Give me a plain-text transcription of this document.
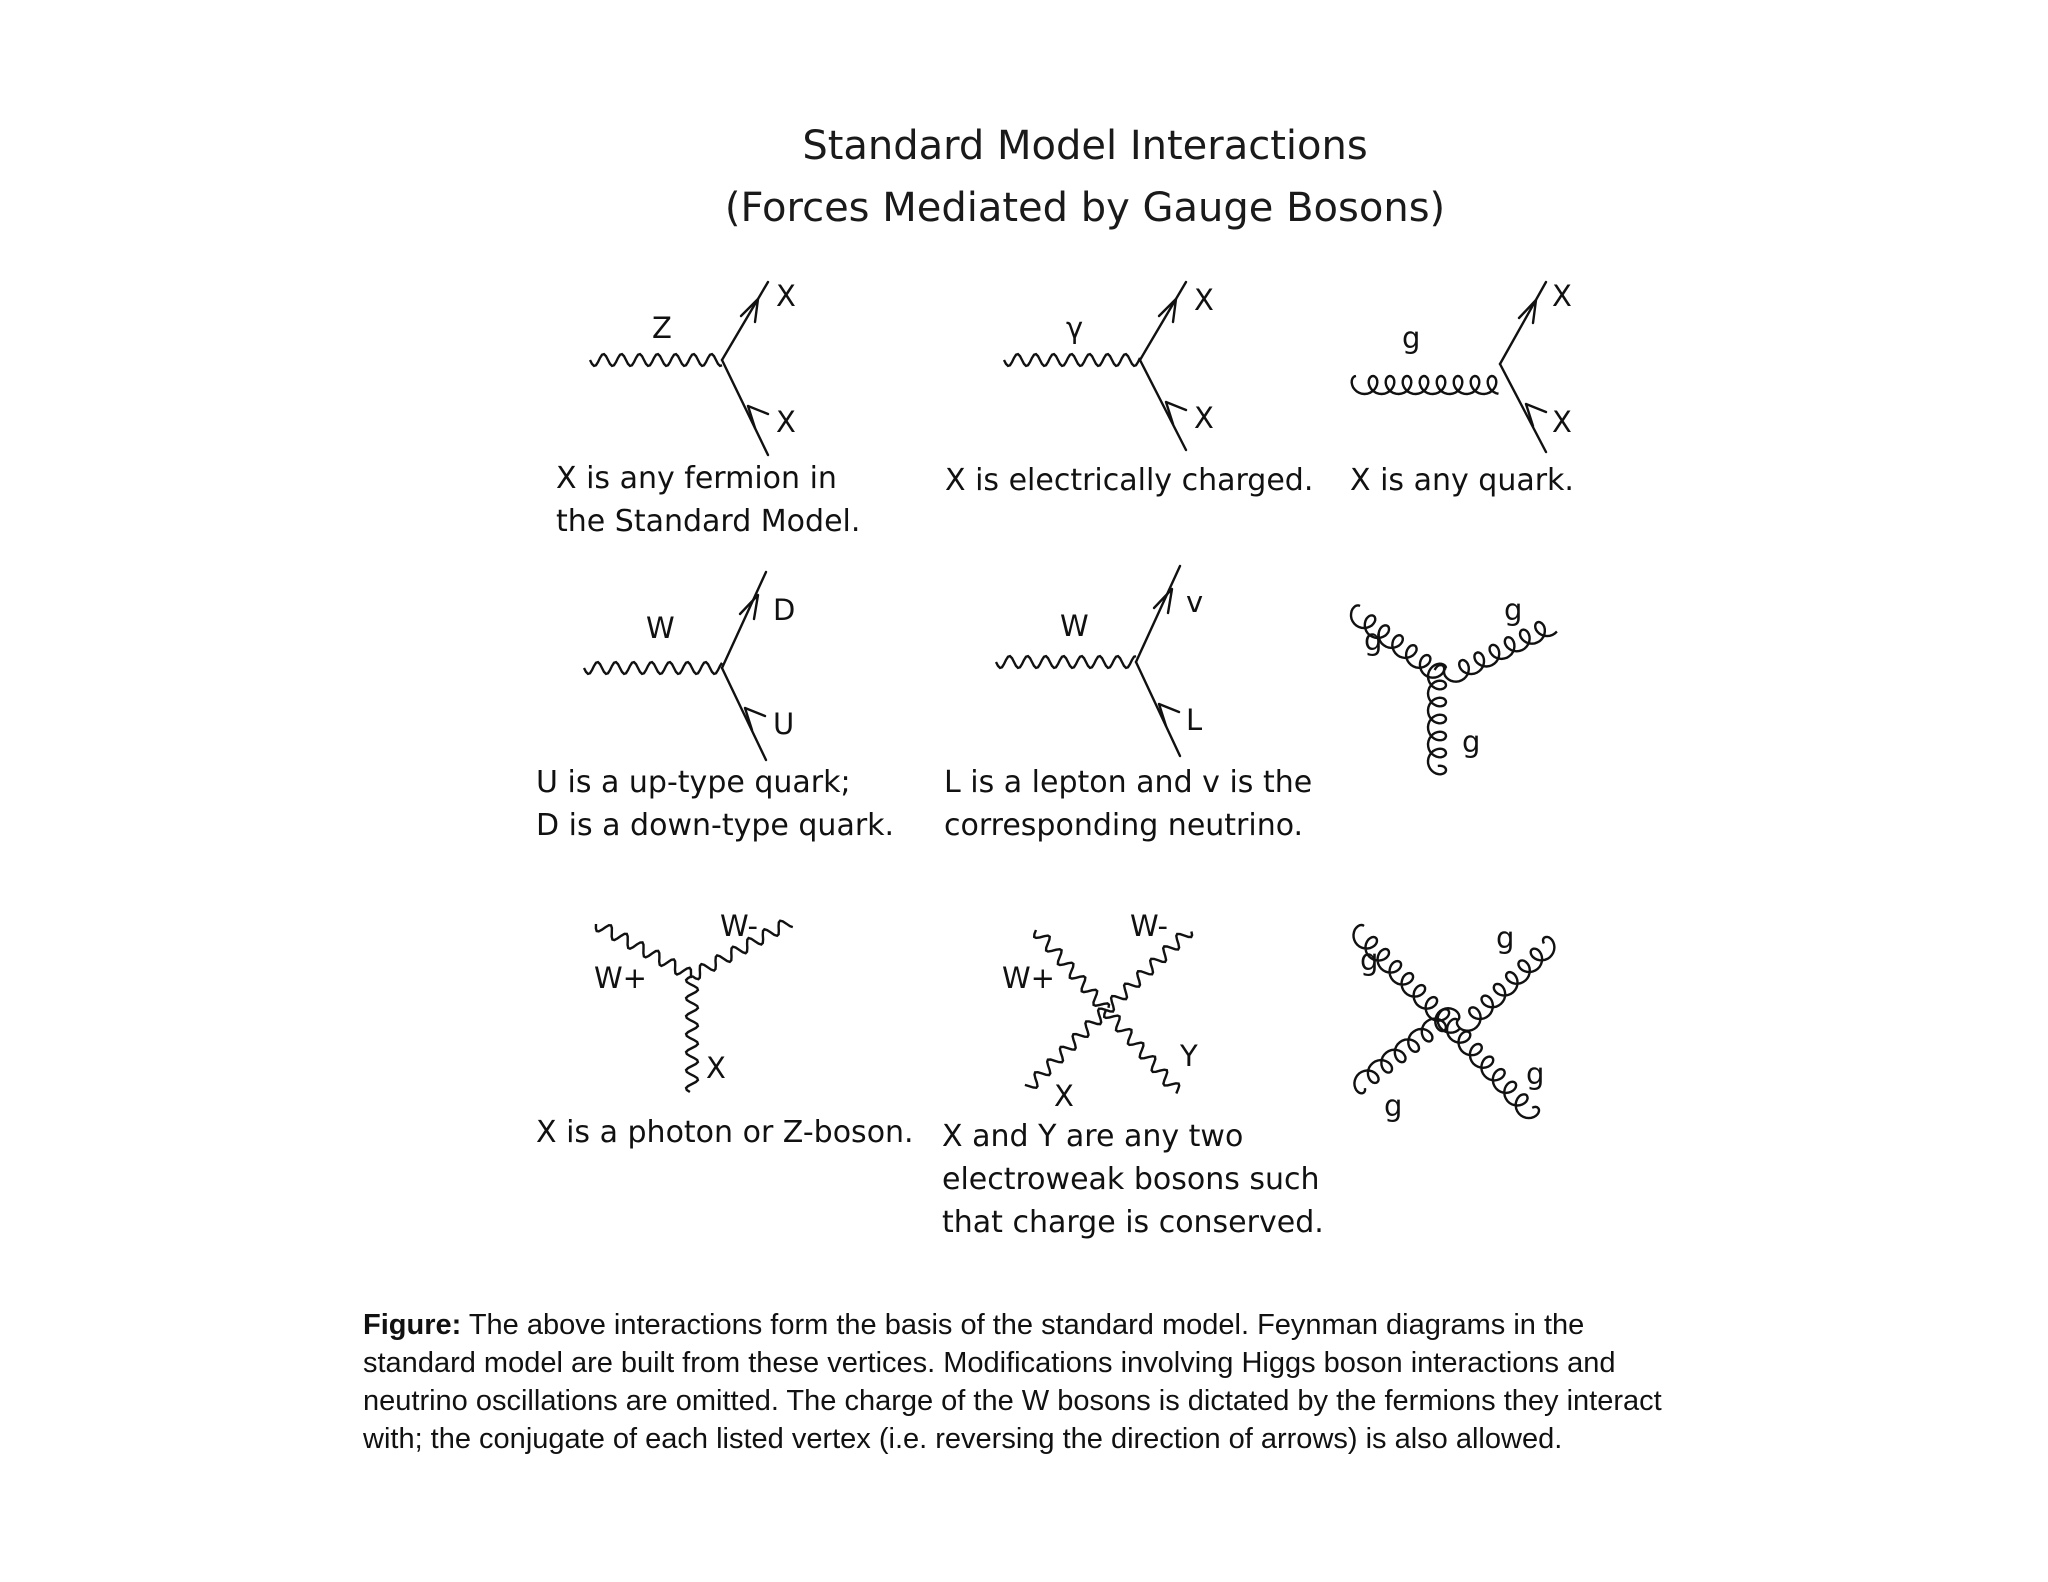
Standard Model Interactions
(Forces Mediated by Gauge Bosons)
Z
X
X
X is any fermion in
the Standard Model.
γ
X
X
X is electrically charged.
g
X
X
X is any quark.
W
D
U
U is a up-type quark;
D is a down-type quark.
W
v
L
L is a lepton and v is the
corresponding neutrino.
g
g
g
W+
W-
X
X is a photon or Z-boson.
W+
W-
X
Y
X and Y are any two
electroweak bosons such
that charge is conserved.
g
g
g
g
Figure: The above interactions form the basis of the standard model. Feynman diagrams in the standard model are built from these vertices. Modifications involving Higgs boson interactions and neutrino oscillations are omitted. The charge of the W bosons is dictated by the fermions they interact with; the conjugate of each listed vertex (i.e. reversing the direction of arrows) is also allowed.
